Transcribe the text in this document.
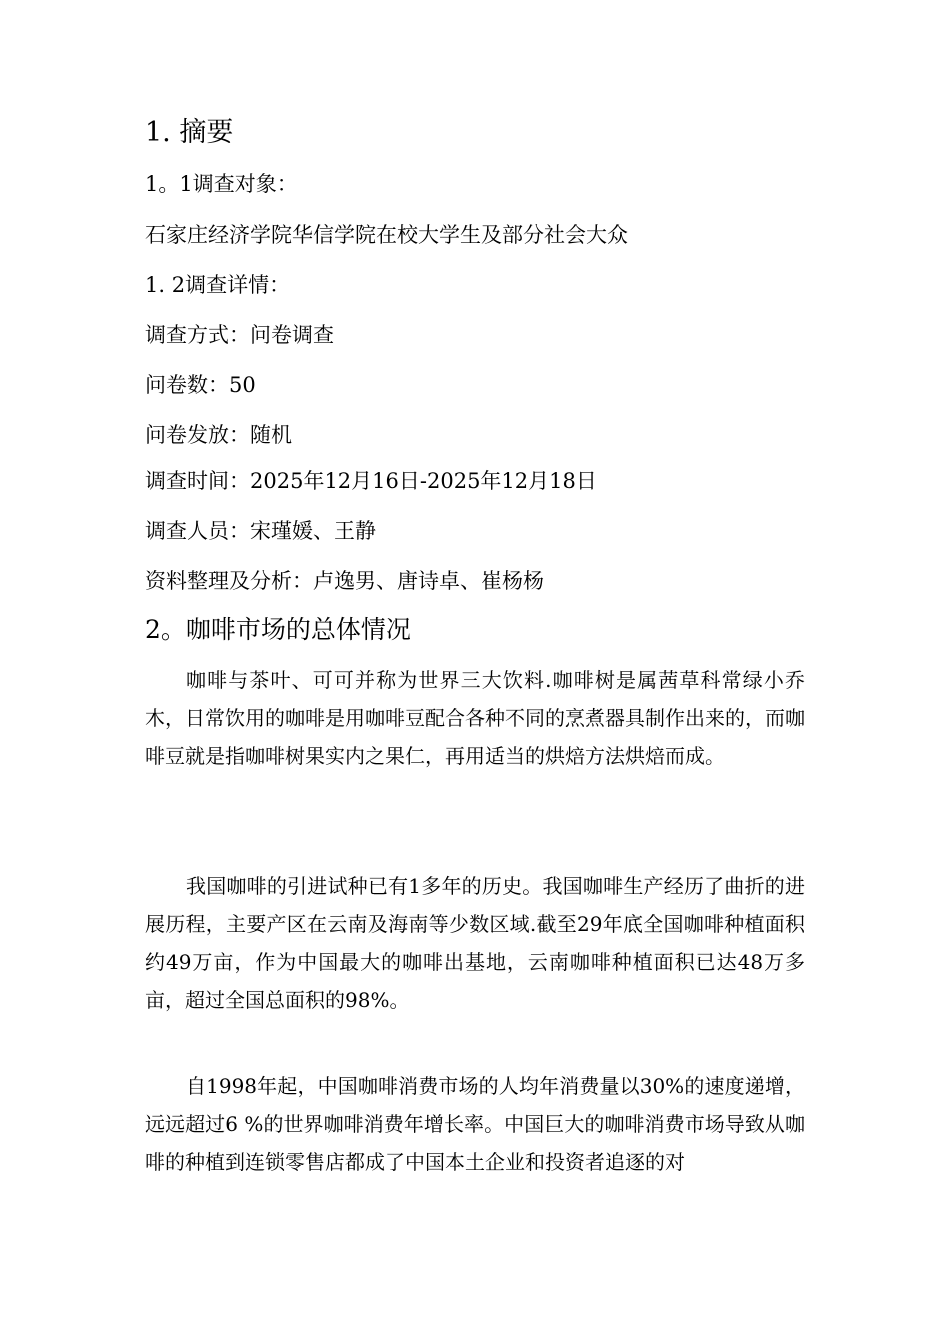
1. 摘要
1。1调查对象：
石家庄经济学院华信学院在校大学生及部分社会大众
1. 2调查详情：
调查方式：问卷调查
问卷数：50
问卷发放：随机
调查时间：2025年12月16日-2025年12月18日
调查人员：宋瑾媛、王静
资料整理及分析：卢逸男、唐诗卓、崔杨杨
2。咖啡市场的总体情况
咖啡与茶叶、可可并称为世界三大饮料.咖啡树是属茜草科常绿小乔木，日常饮用的咖啡是用咖啡豆配合各种不同的烹煮器具制作出来的，而咖啡豆就是指咖啡树果实内之果仁，再用适当的烘焙方法烘焙而成。
我国咖啡的引进试种已有1多年的历史。我国咖啡生产经历了曲折的进展历程，主要产区在云南及海南等少数区域.截至29年底全国咖啡种植面积约49万亩，作为中国最大的咖啡出基地，云南咖啡种植面积已达48万多亩，超过全国总面积的98%。
自1998年起，中国咖啡消费市场的人均年消费量以30%的速度递增，远远超过6 %的世界咖啡消费年增长率。中国巨大的咖啡消费市场导致从咖啡的种植到连锁零售店都成了中国本土企业和投资者追逐的对
